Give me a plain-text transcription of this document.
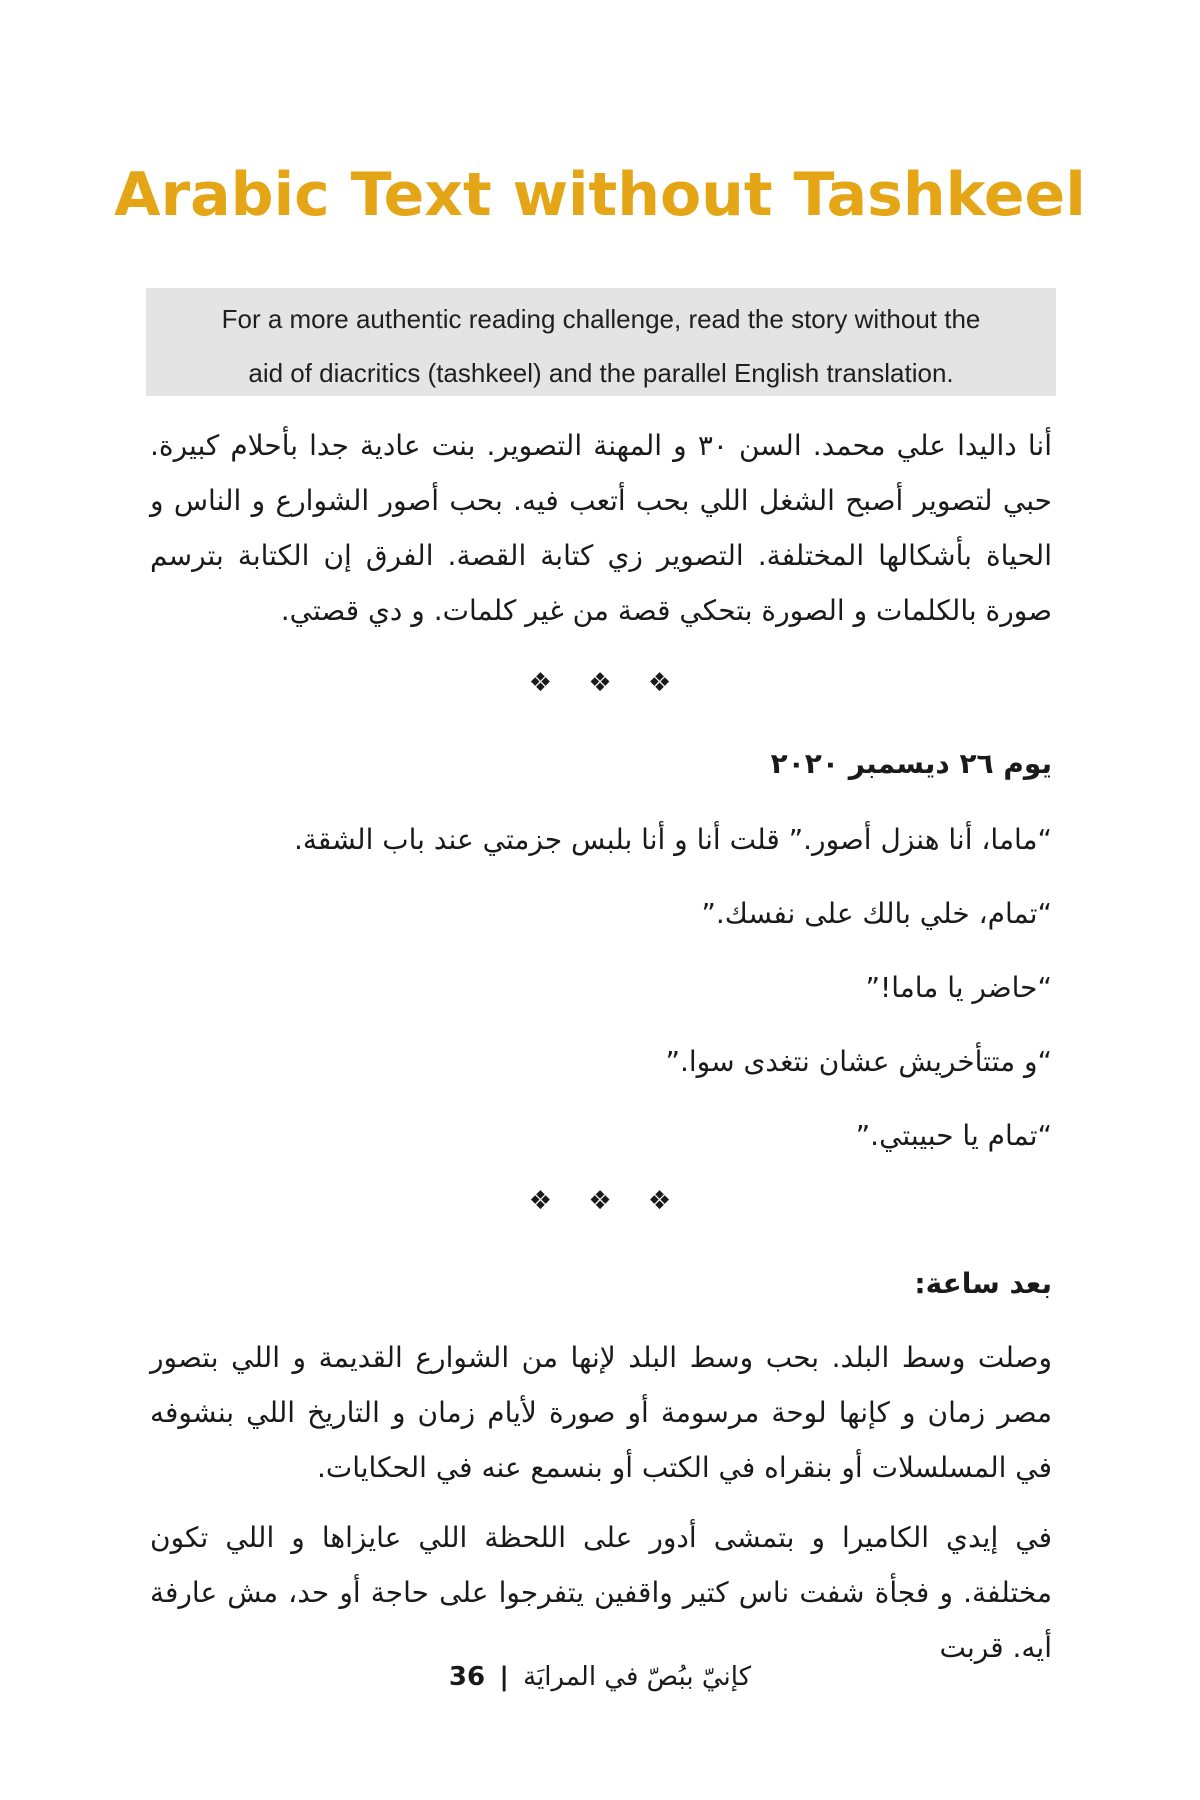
Arabic Text without Tashkeel
For a more authentic reading challenge, read the story without the
aid of diacritics (tashkeel) and the parallel English translation.

أنا داليدا علي محمد. السن ٣٠ و المهنة التصوير. بنت عادية جدا بأحلام كبيرة. حبي لتصوير أصبح الشغل اللي بحب أتعب فيه. بحب أصور الشوارع و الناس و الحياة بأشكالها المختلفة. التصوير زي كتابة القصة. الفرق إن الكتابة بترسم صورة بالكلمات و الصورة بتحكي قصة من غير كلمات. و دي قصتي.

❖ ❖ ❖

يوم ٢٦ ديسمبر ٢٠٢٠

“ماما، أنا هنزل أصور.” قلت أنا و أنا بلبس جزمتي عند باب الشقة.

“تمام، خلي بالك على نفسك.”

“حاضر يا ماما!”

“و متتأخريش عشان نتغدى سوا.”

“تمام يا حبيبتي.”

❖ ❖ ❖

بعد ساعة:

وصلت وسط البلد. بحب وسط البلد لإنها من الشوارع القديمة و اللي بتصور مصر زمان و كإنها لوحة مرسومة أو صورة لأيام زمان و التاريخ اللي بنشوفه في المسلسلات أو بنقراه في الكتب أو بنسمع عنه في الحكايات.

في إيدي الكاميرا و بتمشى أدور على اللحظة اللي عايزاها و اللي تكون مختلفة. و فجأة شفت ناس كتير واقفين يتفرجوا على حاجة أو حد، مش عارفة أيه. قربت

كإنيّ ببُصّ في المرايَة | 36
